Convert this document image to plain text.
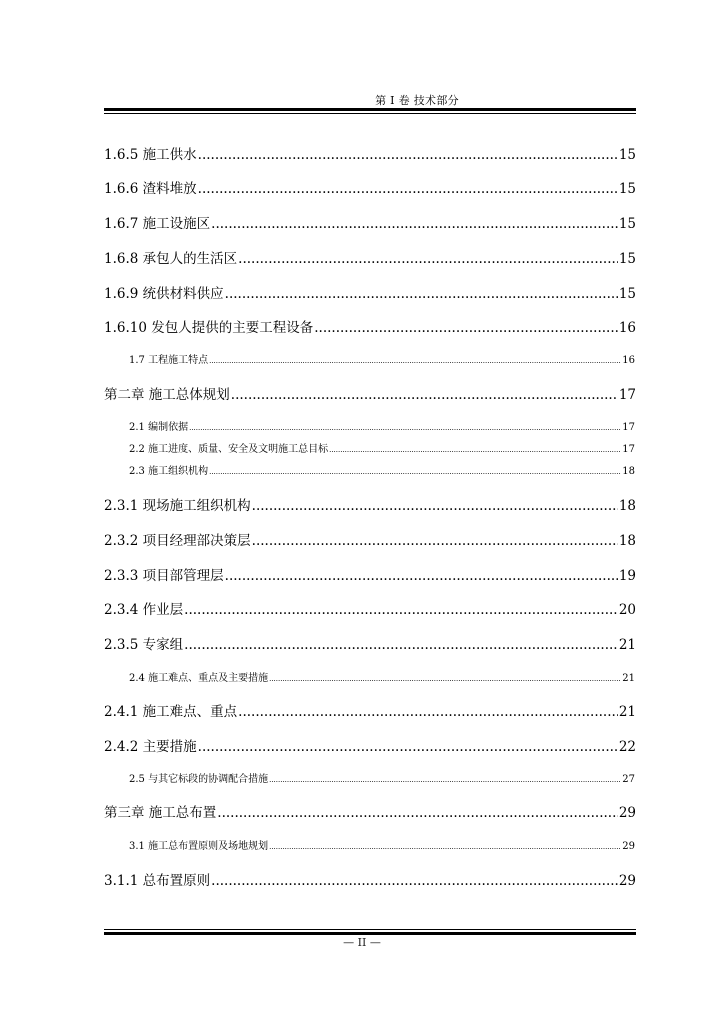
第 I 卷 技术部分
1.6.5 施工供水 .....	15
1.6.6 渣料堆放 .....	15
1.6.7 施工设施区 .....	15
1.6.8 承包人的生活区 .....	15
1.6.9 统供材料供应 .....	15
1.6.10 发包人提供的主要工程设备 .....	16
1.7 工程施工特点 .....	16
第二章 施工总体规划 .....	17
2.1 编制依据 .....	17
2.2 施工进度、质量、安全及文明施工总目标 .....	17
2.3 施工组织机构 .....	18
2.3.1 现场施工组织机构 .....	18
2.3.2 项目经理部决策层 .....	18
2.3.3 项目部管理层 .....	19
2.3.4 作业层 .....	20
2.3.5 专家组 .....	21
2.4 施工难点、重点及主要措施 .....	21
2.4.1 施工难点、重点 .....	21
2.4.2 主要措施 .....	22
2.5 与其它标段的协调配合措施 .....	27
第三章 施工总布置 .....	29
3.1 施工总布置原则及场地规划 .....	29
3.1.1 总布置原则 .....	29
— II —
